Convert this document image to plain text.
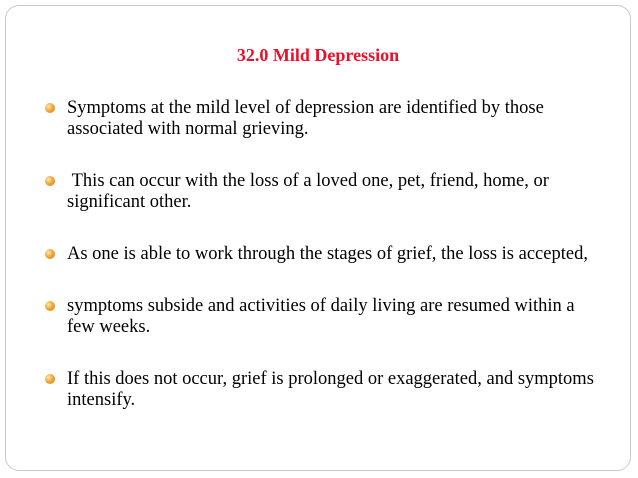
32.0 Mild Depression
Symptoms at the mild level of depression are identified by those associated with normal grieving.
This can occur with the loss of a loved one, pet, friend, home, or significant other.
As one is able to work through the stages of grief, the loss is accepted,
symptoms subside and activities of daily living are resumed within a few weeks.
If this does not occur, grief is prolonged or exaggerated, and symptoms intensify.
